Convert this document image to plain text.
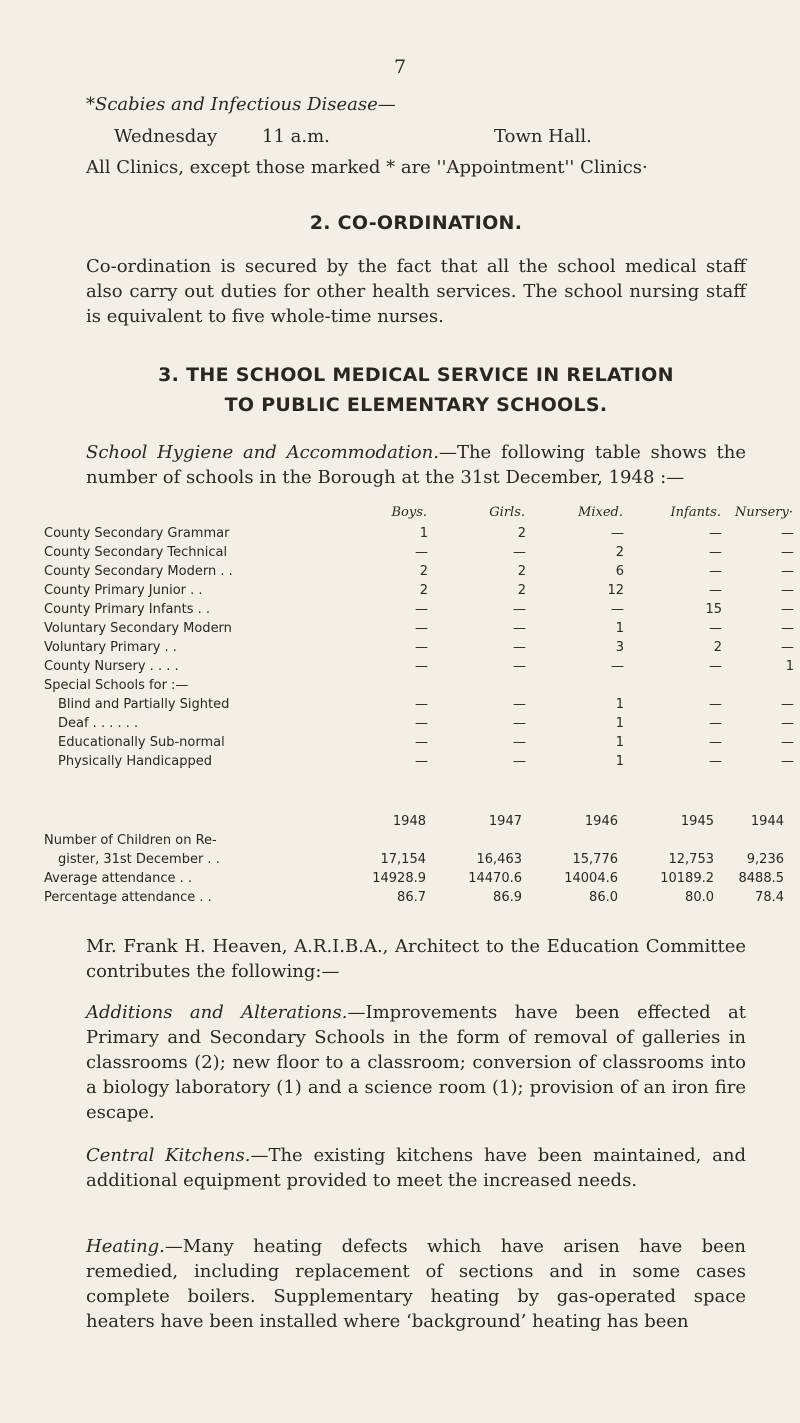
7
*Scabies and Infectious Disease—
Wednesday 11 a.m.	Town Hall.
All Clinics, except those marked * are ''Appointment'' Clinics·
2. CO-ORDINATION.
Co-ordination is secured by the fact that all the school medical staff also carry out duties for other health services. The school nursing staff is equivalent to five whole-time nurses.
3. THE SCHOOL MEDICAL SERVICE IN RELATION
TO PUBLIC ELEMENTARY SCHOOLS.
School Hygiene and Accommodation.—The following table shows the number of schools in the Borough at the 31st December, 1948 :—
	Boys.	Girls.	Mixed.	Infants.	Nursery·
County Secondary Grammar	1	2	—	—	—
County Secondary Technical	—	—	2	—	—
County Secondary Modern . .	2	2	6	—	—
County Primary Junior . .	2	2	12	—	—
County Primary Infants . .	—	—	—	15	—
Voluntary Secondary Modern	—	—	1	—	—
Voluntary Primary . .	—	—	3	2	—
County Nursery . . . .	—	—	—	—	1
Special Schools for :—					
Blind and Partially Sighted	—	—	1	—	—
Deaf . . . . . .	—	—	1	—	—
Educationally Sub-normal	—	—	1	—	—
Physically Handicapped	—	—	1	—	—
	1948	1947	1946	1945	1944
Number of Children on Re-					
gister, 31st December . .	17,154	16,463	15,776	12,753	9,236
Average attendance . .	14928.9	14470.6	14004.6	10189.2	8488.5
Percentage attendance . .	86.7	86.9	86.0	80.0	78.4
Mr. Frank H. Heaven, A.R.I.B.A., Architect to the Education Committee contributes the following:—
Additions and Alterations.—Improvements have been effected at Primary and Secondary Schools in the form of removal of galleries in classrooms (2); new floor to a classroom; conversion of classrooms into a biology laboratory (1) and a science room (1); provision of an iron fire escape.
Central Kitchens.—The existing kitchens have been maintained, and additional equipment provided to meet the increased needs.
Heating.—Many heating defects which have arisen have been remedied, including replacement of sections and in some cases complete boilers. Supplementary heating by gas-operated space heaters have been installed where ‘background’ heating has been
